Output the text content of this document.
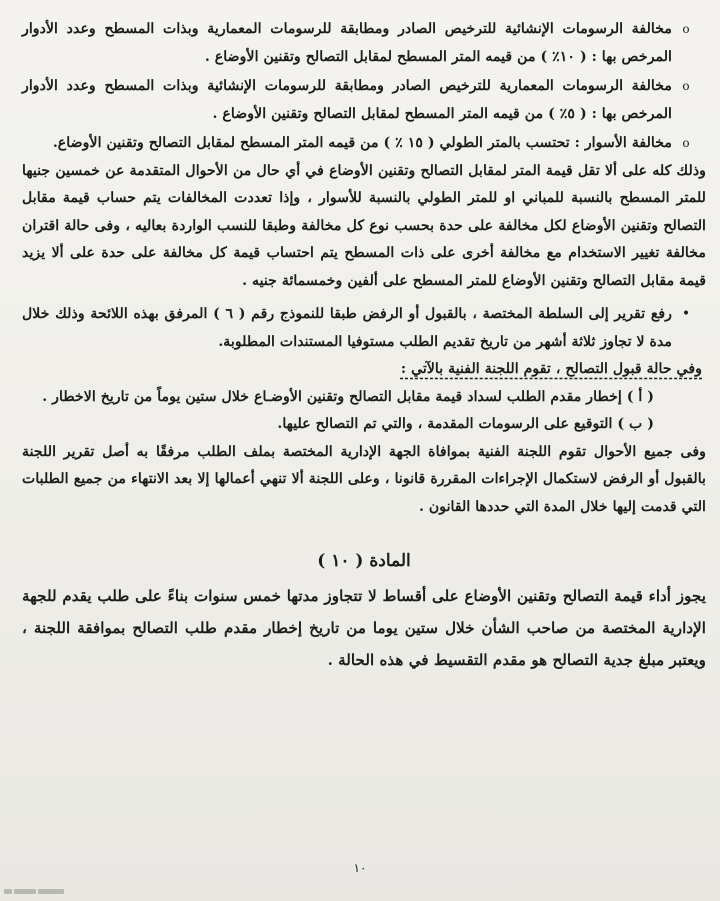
o

مخالفة الرسومات الإنشائية للترخيص الصادر ومطابقة للرسومات المعمارية وبذات المسطح وعدد الأدوار المرخص بها : ( ١٠٪ ) من قيمه المتر المسطح لمقابل التصالح وتقنين الأوضاع .

o

مخالفة الرسومات المعمارية للترخيص الصادر ومطابقة للرسومات الإنشائية وبذات المسطح وعدد الأدوار المرخص بها : ( ٥٪ ) من قيمه المتر المسطح لمقابل التصالح وتقنين الأوضاع .

o

مخالفة الأسوار : تحتسب بالمتر الطولي ( ١٥ ٪ ) من قيمه المتر المسطح لمقابل التصالح وتقنين الأوضاع.

وذلك كله على ألا تقل قيمة المتر لمقابل التصالح وتقنين الأوضاع في أي حال من الأحوال المتقدمة عن خمسين جنيها للمتر المسطح بالنسبة للمباني او للمتر الطولي بالنسبة للأسوار ، وإذا تعددت المخالفات يتم حساب قيمة مقابل التصالح وتقنين الأوضاع لكل مخالفة على حدة بحسب نوع كل مخالفة وطبقا للنسب الواردة بعاليه ، وفى حالة اقتران مخالفة تغيير الاستخدام مع مخالفة أخرى على ذات المسطح يتم احتساب قيمة كل مخالفة على حدة على ألا يزيد قيمة مقابل التصالح وتقنين الأوضاع للمتر المسطح على ألفين وخمسمائة جنيه .

•

رفع تقرير إلى السلطة المختصة ، بالقبول أو الرفض طبقا للنموذج رقم ( ٦ ) المرفق بهذه اللائحة وذلك خلال مدة لا تجاوز ثلاثة أشهر من تاريخ تقديم الطلب مستوفيا المستندات المطلوبة.

وفي حالة قبول التصالح ، تقوم اللجنة الفنية بالآتي :

( أ ) إخطار مقدم الطلب لسداد قيمة مقابل التصالح وتقنين الأوضـاع خلال ستين يوماً من تاريخ الاخطار .

( ب ) التوقيع على الرسومات المقدمة ، والتي تم التصالح عليها.

وفى جميع الأحوال تقوم اللجنة الفنية بموافاة الجهة الإدارية المختصة بملف الطلب مرفقًا به أصل تقرير اللجنة بالقبول أو الرفض لاستكمال الإجراءات المقررة قانونا ، وعلى اللجنة ألا تنهي أعمالها إلا بعد الانتهاء من جميع الطلبات التي قدمت إليها خلال المدة التي حددها القانون .

المادة ( ١٠ )

يجوز أداء قيمة التصالح وتقنين الأوضاع على أقساط لا تتجاوز مدتها خمس سنوات بناءً على طلب يقدم للجهة الإدارية المختصة من صاحب الشأن خلال ستين يوما من تاريخ إخطار مقدم طلب التصالح بموافقة اللجنة ، ويعتبر مبلغ جدية التصالح هو مقدم التقسيط في هذه الحالة .

١٠
